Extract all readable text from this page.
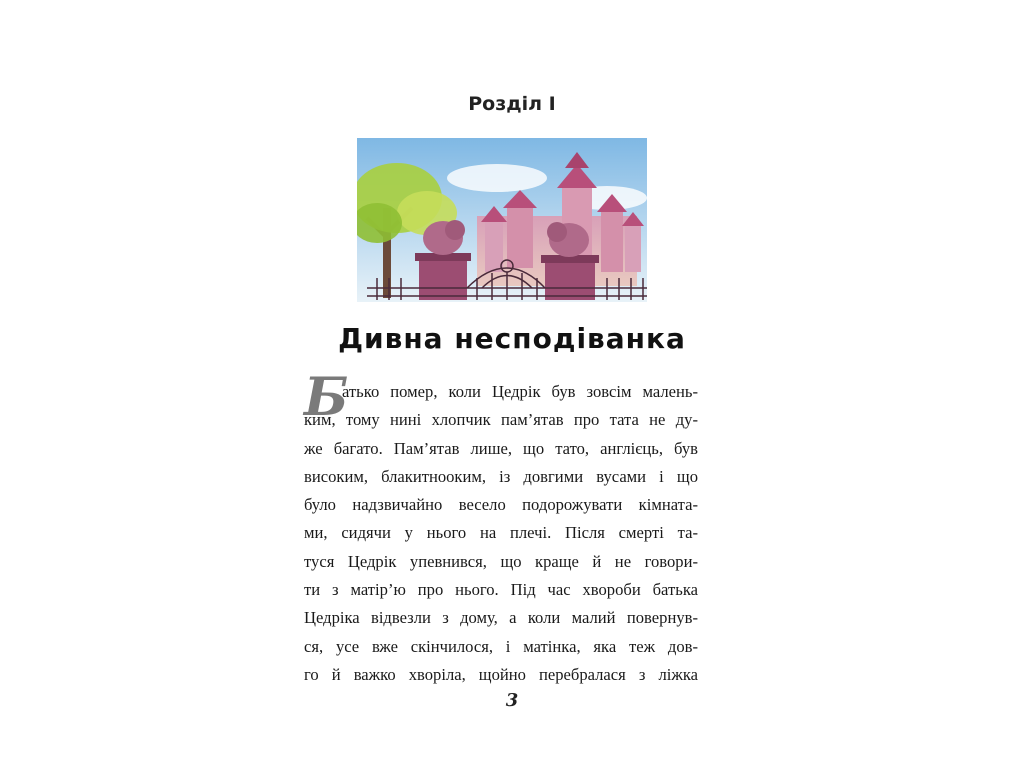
Розділ І
Дивна несподіванка
Б
атько помер, коли Цедрік був зовсім малень-
ким, тому нині хлопчик пам’ятав про тата не ду-
же багато. Пам’ятав лише, що тато, англієць, був
високим, блакитнооким, із довгими вусами і що
було надзвичайно весело подорожувати кімната-
ми, сидячи у нього на плечі. Після смерті та-
туся Цедрік упевнився, що краще й не говори-
ти з матір’ю про нього. Під час хвороби батька
Цедріка відвезли з дому, а коли малий повернув-
ся, усе вже скінчилося, і матінка, яка теж дов-
го й важко хворіла, щойно перебралася з ліжка
3
